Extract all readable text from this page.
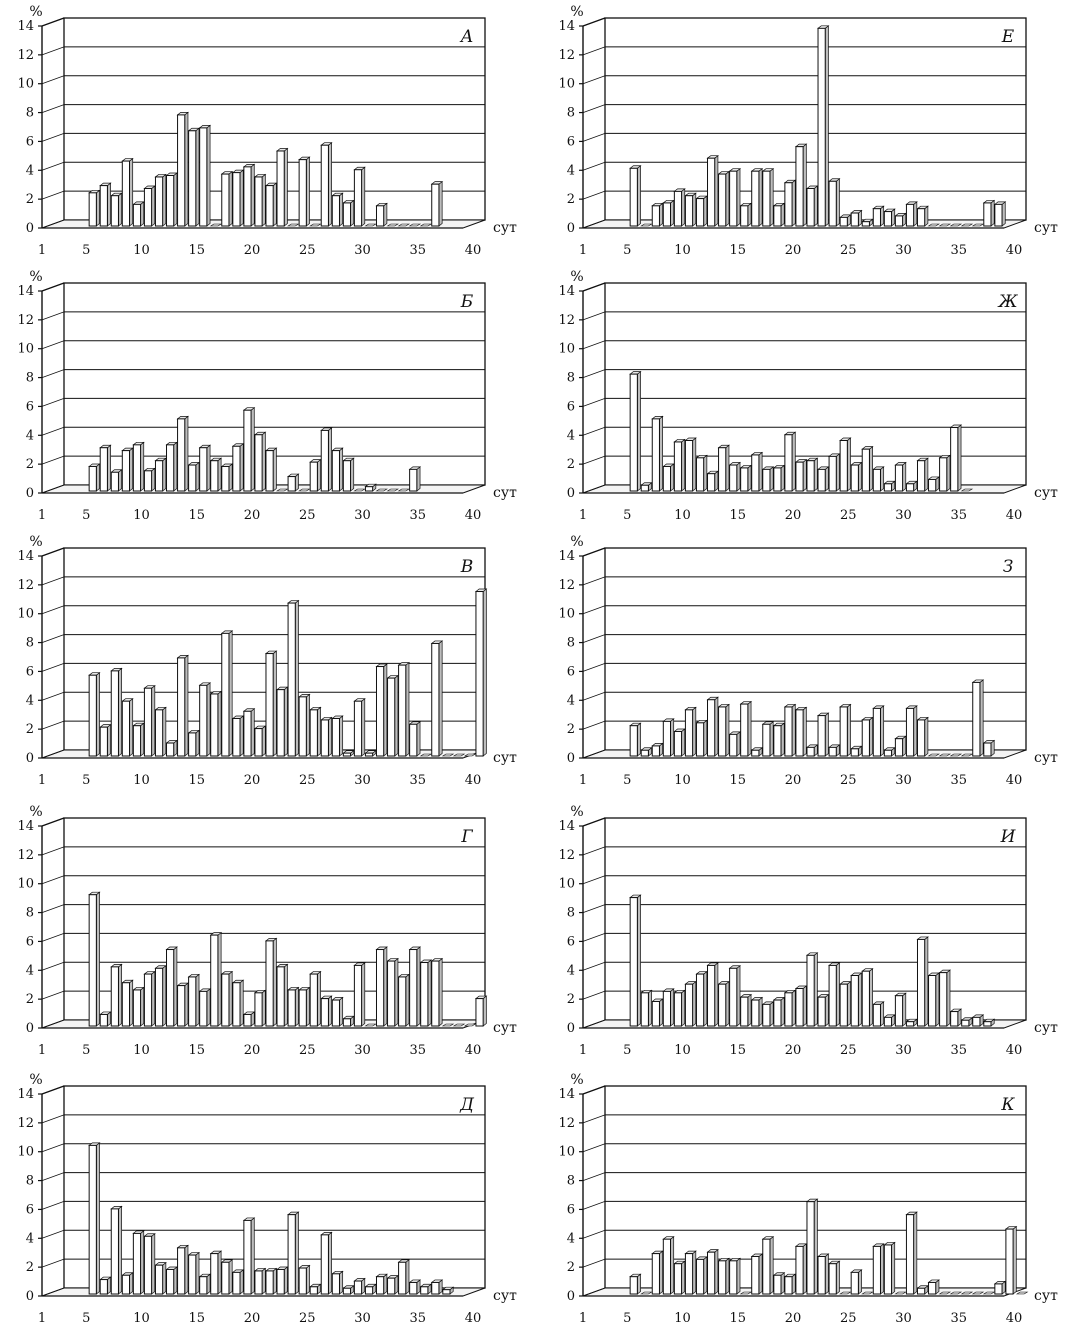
0
2
4
6
8
10
12
14
%
1	5	10	15	20	25	30	35	40
сут
А
0
2
4
6
8
10
12
14
%
1	5	10	15	20	25	30	35	40
сут
Е
0
2
4
6
8
10
12
14
%
1	5	10	15	20	25	30	35	40
сут
Б
0
2
4
6
8
10
12
14
%
1	5	10	15	20	25	30	35	40
сут
Ж
0
2
4
6
8
10
12
14
%
1	5	10	15	20	25	30	35	40
сут
В
0
2
4
6
8
10
12
14
%
1	5	10	15	20	25	30	35	40
сут
З
0
2
4
6
8
10
12
14
%
1	5	10	15	20	25	30	35	40
сут
Г
0
2
4
6
8
10
12
14
%
1	5	10	15	20	25	30	35	40
сут
И
0
2
4
6
8
10
12
14
%
1	5	10	15	20	25	30	35	40
сут
Д
0
2
4
6
8
10
12
14
%
1	5	10	15	20	25	30	35	40
сут
К
